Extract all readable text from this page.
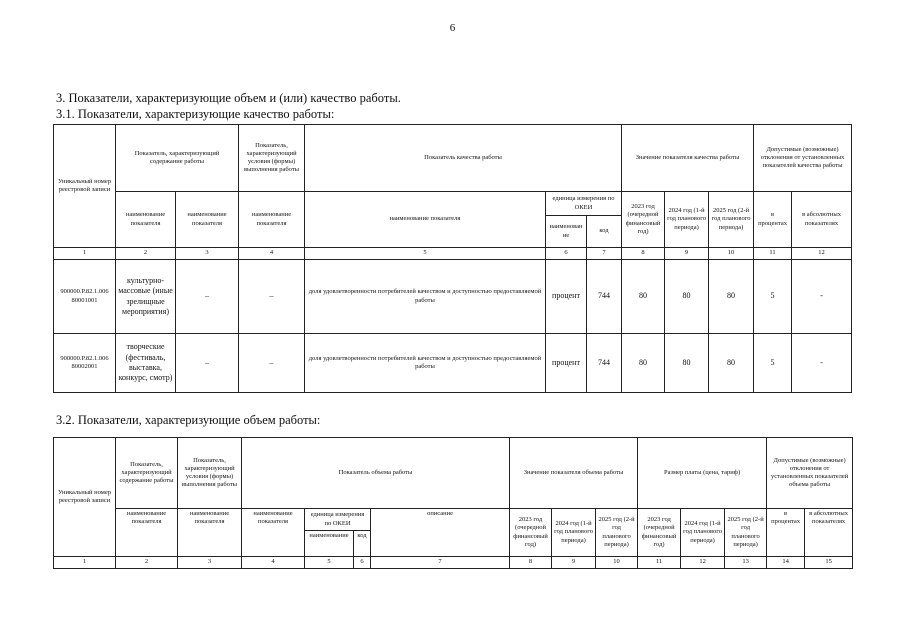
6
3. Показатели, характеризующие объем и (или) качество работы.
3.1. Показатели, характеризующие качество работы:
Уникальный номер реестровой записи	Показатель, характеризующий содержание работы		Показатель, характеризующий условия (формы) выполнения работы	Показатель качества работы			Значение показателя качества работы			Допустимые (возможные) отклонения от установленных показателей качества работы	
	наименование показателя	наименование показателя	наименование показателя	наименование показателя	единица измерения по ОКЕИ		2023 год (очередной финансовый год)	2024 год (1-й год планового периода)	2025 год (2-й год планового периода)	в процентах	в абсолютных показателях
					наименование	код					
1	2	3	4	5	6	7	8	9	10	11	12
900000.Р.82.1.006 80001001	культурно-массовые (иные зрелищные мероприятия)	–	–	доля удовлетворенности потребителей качеством и доступностью предоставляемой работы	процент	744	80	80	80	5	-
900000.Р.82.1.006 80002001	творческие (фестиваль, выставка, конкурс, смотр)	–	–	доля удовлетворенности потребителей качеством и доступностью предоставляемой работы	процент	744	80	80	80	5	-
3.2. Показатели, характеризующие объем работы:
Уникальный номер реестровой записи	Показатель, характеризующий содержание работы	Показатель, характеризующий условия (формы) выполнения работы	Показатель объема работы				Значение показателя объема работы			Размер платы (цена, тариф)			Допустимые (возможные) отклонения от установленных показателей объема работы	
	наименование показателя	наименование показателя	наименование показателя	единица измерения по ОКЕИ		описание	2023 год (очередной финансовый год)	2024 год (1-й год планового периода)	2025 год (2-й год планового периода)	2023 год (очередной финансовый год)	2024 год (1-й год планового периода)	2025 год (2-й год планового периода)	в процентах	в абсолютных показателях
				наименование	код									
1	2	3	4	5	6	7	8	9	10	11	12	13	14	15
